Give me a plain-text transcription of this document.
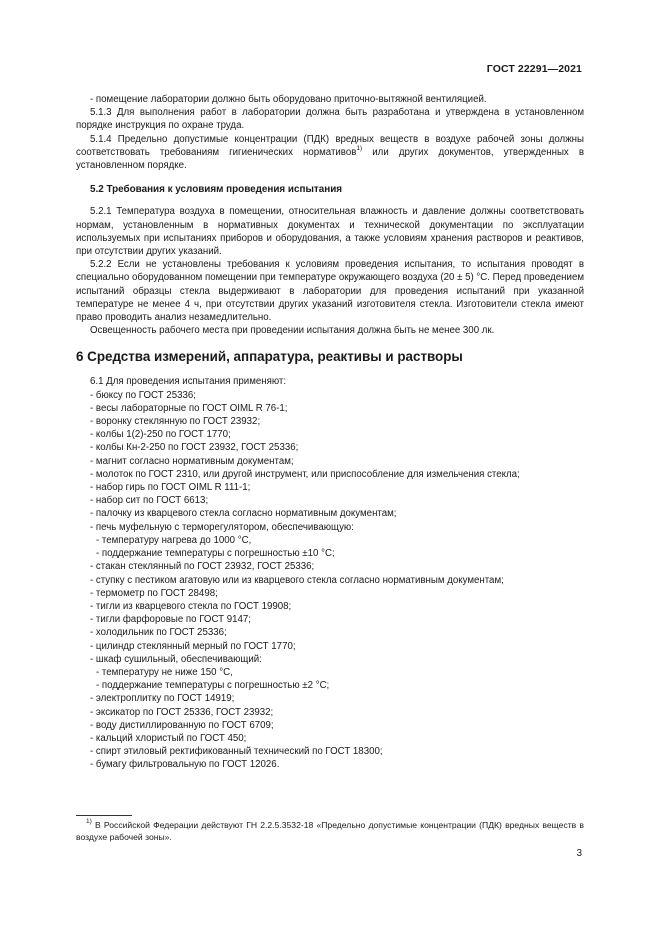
ГОСТ 22291—2021

- помещение лаборатории должно быть оборудовано приточно-вытяжной вентиляцией.

5.1.3 Для выполнения работ в лаборатории должна быть разработана и утверждена в установленном порядке инструкция по охране труда.

5.1.4 Предельно допустимые концентрации (ПДК) вредных веществ в воздухе рабочей зоны должны соответствовать требованиям гигиенических нормативов$^{1)}$ или других документов, утвержденных в установленном порядке.

5.2 Требования к условиям проведения испытания

5.2.1 Температура воздуха в помещении, относительная влажность и давление должны соответствовать нормам, установленным в нормативных документах и технической документации по эксплуатации используемых при испытаниях приборов и оборудования, а также условиям хранения растворов и реактивов, при отсутствии других указаний.

5.2.2 Если не установлены требования к условиям проведения испытания, то испытания проводят в специально оборудованном помещении при температуре окружающего воздуха (20 ± 5) °С. Перед проведением испытаний образцы стекла выдерживают в лаборатории для проведения испытаний при указанной температуре не менее 4 ч, при отсутствии других указаний изготовителя стекла. Изготовители стекла имеют право проводить анализ незамедлительно.

Освещенность рабочего места при проведении испытания должна быть не менее 300 лк.

6 Средства измерений, аппаратура, реактивы и растворы

6.1 Для проведения испытания применяют:

- бюксу по ГОСТ 25336;

- весы лабораторные по ГОСТ OIML R 76-1;

- воронку стеклянную по ГОСТ 23932;

- колбы 1(2)-250 по ГОСТ 1770;

- колбы Кн-2-250 по ГОСТ 23932, ГОСТ 25336;

- магнит согласно нормативным документам;

- молоток по ГОСТ 2310, или другой инструмент, или приспособление для измельчения стекла;

- набор гирь по ГОСТ OIML R 111-1;

- набор сит по ГОСТ 6613;

- палочку из кварцевого стекла согласно нормативным документам;

- печь муфельную с терморегулятором, обеспечивающую:

- температуру нагрева до 1000 °С,

- поддержание температуры с погрешностью ±10 °С;

- стакан стеклянный по ГОСТ 23932, ГОСТ 25336;

- ступку с пестиком агатовую или из кварцевого стекла согласно нормативным документам;

- термометр по ГОСТ 28498;

- тигли из кварцевого стекла по ГОСТ 19908;

- тигли фарфоровые по ГОСТ 9147;

- холодильник по ГОСТ 25336;

- цилиндр стеклянный мерный по ГОСТ 1770;

- шкаф сушильный, обеспечивающий:

- температуру не ниже 150 °С,

- поддержание температуры с погрешностью ±2 °С;

- электроплитку по ГОСТ 14919;

- эксикатор по ГОСТ 25336, ГОСТ 23932;

- воду дистиллированную по ГОСТ 6709;

- кальций хлористый по ГОСТ 450;

- спирт этиловый ректификованный технический по ГОСТ 18300;

- бумагу фильтровальную по ГОСТ 12026.

$^{1)}$ В Российской Федерации действуют ГН 2.2.5.3532-18 «Предельно допустимые концентрации (ПДК) вредных веществ в воздухе рабочей зоны».
3
